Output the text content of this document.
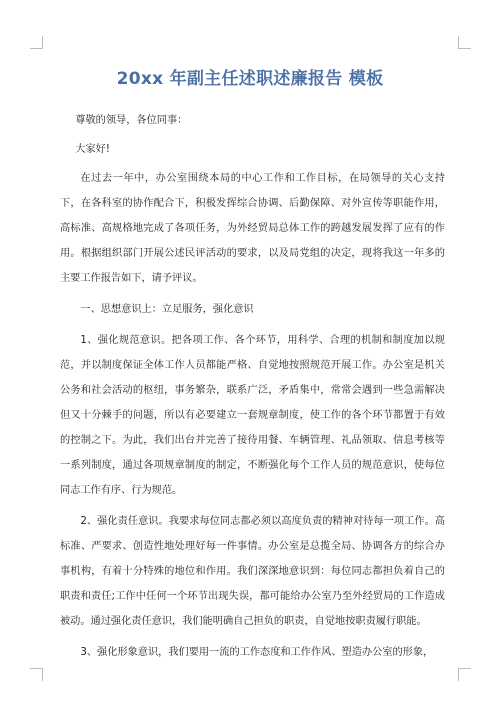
20xx 年副主任述职述廉报告 模板

尊敬的领导，各位同事：

大家好!

在过去一年中，办公室围绕本局的中心工作和工作目标，在局领导的关心支持下，在各科室的协作配合下，积极发挥综合协调、后勤保障、对外宣传等职能作用，高标准、高规格地完成了各项任务，为外经贸局总体工作的跨越发展发挥了应有的作用。根据组织部门开展公述民评活动的要求，以及局党组的决定，现将我这一年多的主要工作报告如下，请予评议。

一、思想意识上：立足服务，强化意识

1、强化规范意识。把各项工作、各个环节，用科学、合理的机制和制度加以规范，并以制度保证全体工作人员都能严格、自觉地按照规范开展工作。办公室是机关公务和社会活动的枢纽，事务繁杂，联系广泛，矛盾集中，常常会遇到一些急需解决但又十分棘手的问题，所以有必要建立一套规章制度，使工作的各个环节都置于有效的控制之下。为此，我们出台并完善了接待用餐、车辆管理、礼品领取、信息考核等一系列制度，通过各项规章制度的制定，不断强化每个工作人员的规范意识，使每位同志工作有序、行为规范。

2、强化责任意识。我要求每位同志都必须以高度负责的精神对待每一项工作。高标准、严要求、创造性地处理好每一件事情。办公室是总揽全局、协调各方的综合办事机构，有着十分特殊的地位和作用。我们深深地意识到：每位同志都担负着自己的职责和责任;工作中任何一个环节出现失误，都可能给办公室乃至外经贸局的工作造成被动。通过强化责任意识，我们能明确自己担负的职责，自觉地按职责履行职能。

3、强化形象意识，我们要用一流的工作态度和工作作风、塑造办公室的形象，
